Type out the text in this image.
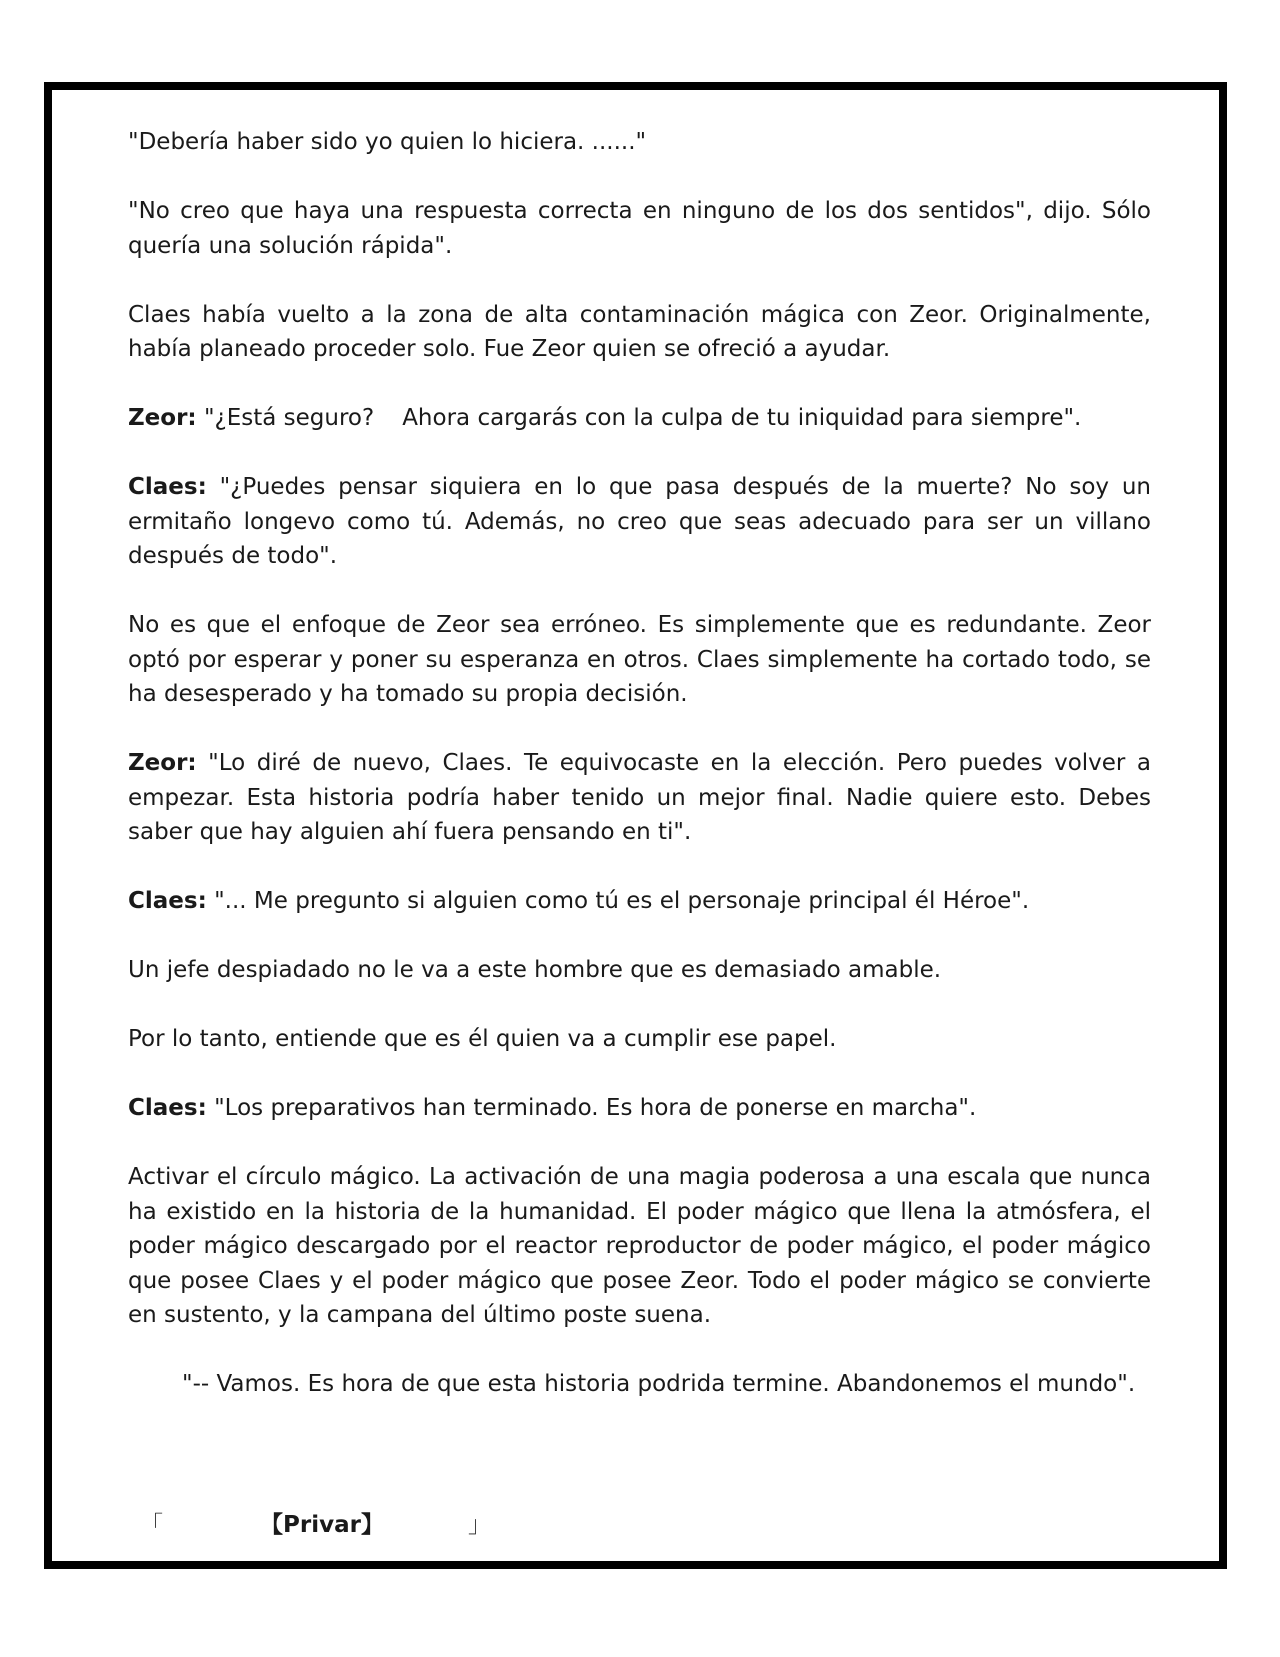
"Debería haber sido yo quien lo hiciera. ......"

"No creo que haya una respuesta correcta en ninguno de los dos sentidos", dijo. Sólo quería una solución rápida".

Claes había vuelto a la zona de alta contaminación mágica con Zeor. Originalmente, había planeado proceder solo. Fue Zeor quien se ofreció a ayudar.

Zeor: "¿Está seguro? Ahora cargarás con la culpa de tu iniquidad para siempre".

Claes: "¿Puedes pensar siquiera en lo que pasa después de la muerte? No soy un ermitaño longevo como tú. Además, no creo que seas adecuado para ser un villano después de todo".

No es que el enfoque de Zeor sea erróneo. Es simplemente que es redundante. Zeor optó por esperar y poner su esperanza en otros. Claes simplemente ha cortado todo, se ha desesperado y ha tomado su propia decisión.

Zeor: "Lo diré de nuevo, Claes. Te equivocaste en la elección. Pero puedes volver a empezar. Esta historia podría haber tenido un mejor final. Nadie quiere esto. Debes saber que hay alguien ahí fuera pensando en ti".

Claes: "... Me pregunto si alguien como tú es el personaje principal él Héroe".

Un jefe despiadado no le va a este hombre que es demasiado amable.

Por lo tanto, entiende que es él quien va a cumplir ese papel.

Claes: "Los preparativos han terminado. Es hora de ponerse en marcha".

Activar el círculo mágico. La activación de una magia poderosa a una escala que nunca ha existido en la historia de la humanidad. El poder mágico que llena la atmósfera, el poder mágico descargado por el reactor reproductor de poder mágico, el poder mágico que posee Claes y el poder mágico que posee Zeor. Todo el poder mágico se convierte en sustento, y la campana del último poste suena.

"-- Vamos. Es hora de que esta historia podrida termine. Abandonemos el mundo".

「	【Privar】	」
